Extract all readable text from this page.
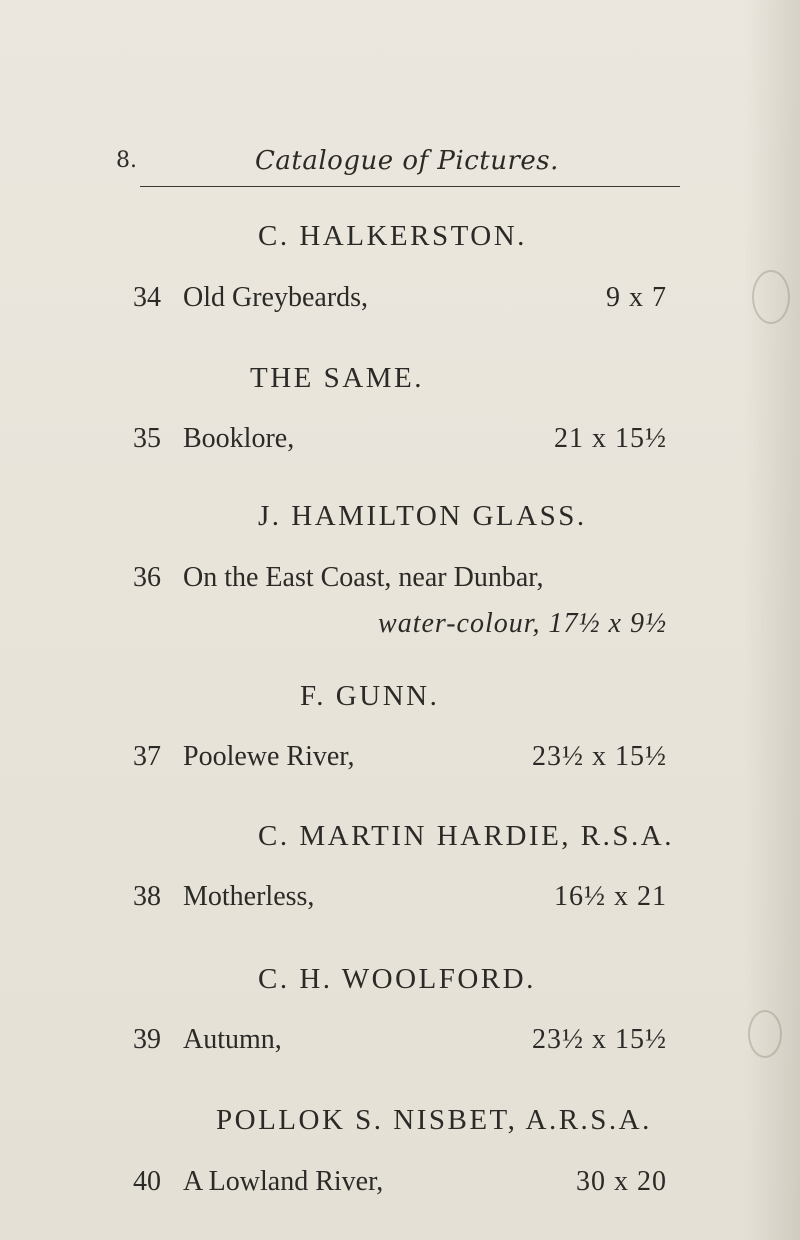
8.	Catalogue of Pictures.
C. HALKERSTON.
34 Old Greybeards,	9 x 7
THE SAME.
35 Booklore,	21 x 15½
J. HAMILTON GLASS.
36 On the East Coast, near Dunbar,
water-colour, 17½ x 9½
F. GUNN.
37 Poolewe River,	23½ x 15½
C. MARTIN HARDIE, R.S.A.
38 Motherless,	16½ x 21
C. H. WOOLFORD.
39 Autumn,	23½ x 15½
POLLOK S. NISBET, A.R.S.A.
40 A Lowland River,	30 x 20
